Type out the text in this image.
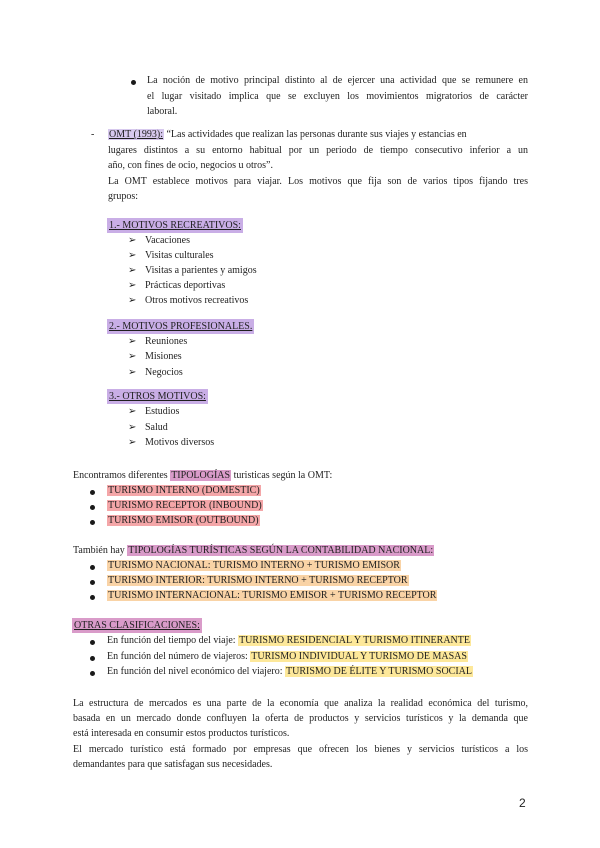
La noción de motivo principal distinto al de ejercer una actividad que se remunere en
el lugar visitado implica que se excluyen los movimientos migratorios de carácter
laboral.
- OMT (1993): “Las actividades que realizan las personas durante sus viajes y estancias en
lugares distintos a su entorno habitual por un periodo de tiempo consecutivo inferior a un
año, con fines de ocio, negocios u otros”.
La OMT establece motivos para viajar. Los motivos que fija son de varios tipos fijando tres
grupos:
1.- MOTIVOS RECREATIVOS:
➢ Vacaciones
➢ Visitas culturales
➢ Visitas a parientes y amigos
➢ Prácticas deportivas
➢ Otros motivos recreativos
2.- MOTIVOS PROFESIONALES.
➢ Reuniones
➢ Misiones
➢ Negocios
3.- OTROS MOTIVOS:
➢ Estudios
➢ Salud
➢ Motivos diversos
Encontramos diferentes TIPOLOGÍAS turisticas según la OMT:
TURISMO INTERNO (DOMESTIC)
TURISMO RECEPTOR (INBOUND)
TURISMO EMISOR (OUTBOUND)
También hay TIPOLOGÍAS TURÍSTICAS SEGÚN LA CONTABILIDAD NACIONAL:
TURISMO NACIONAL: TURISMO INTERNO + TURISMO EMISOR
TURISMO INTERIOR: TURISMO INTERNO + TURISMO RECEPTOR
TURISMO INTERNACIONAL: TURISMO EMISOR + TURISMO RECEPTOR
OTRAS CLASIFICACIONES:
En función del tiempo del viaje: TURISMO RESIDENCIAL Y TURISMO ITINERANTE
En función del número de viajeros: TURISMO INDIVIDUAL Y TURISMO DE MASAS
En función del nivel económico del viajero: TURISMO DE ÉLITE Y TURISMO SOCIAL
La estructura de mercados es una parte de la economía que analiza la realidad económica del turismo,
basada en un mercado donde confluyen la oferta de productos y servicios turísticos y la demanda que
está interesada en consumir estos productos turísticos.
El mercado turístico está formado por empresas que ofrecen los bienes y servicios turísticos a los
demandantes para que satisfagan sus necesidades.
2
